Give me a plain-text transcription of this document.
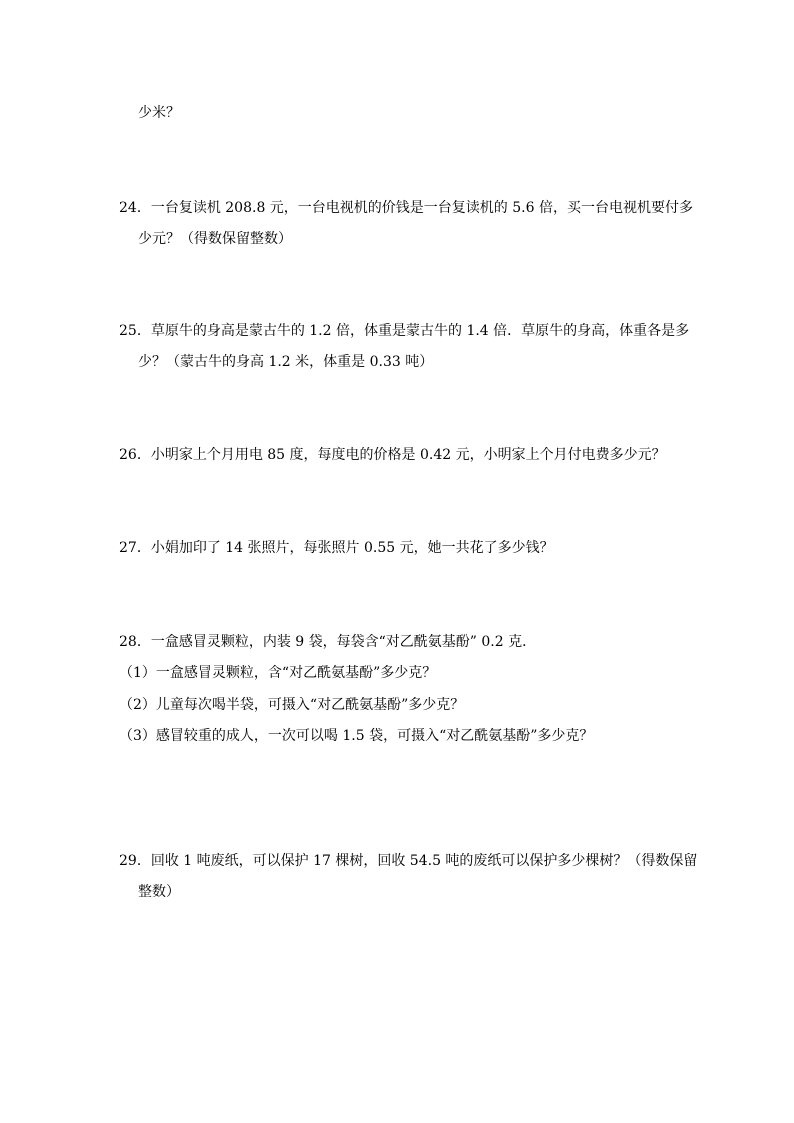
少米？
24．一台复读机 208.8 元，一台电视机的价钱是一台复读机的 5.6 倍，买一台电视机要付多
少元？（得数保留整数）
25．草原牛的身高是蒙古牛的 1.2 倍，体重是蒙古牛的 1.4 倍．草原牛的身高，体重各是多
少？（蒙古牛的身高 1.2 米，体重是 0.33 吨）
26．小明家上个月用电 85 度，每度电的价格是 0.42 元，小明家上个月付电费多少元？
27．小娟加印了 14 张照片，每张照片 0.55 元，她一共花了多少钱？
28．一盒感冒灵颗粒，内装 9 袋，每袋含“对乙酰氨基酚” 0.2 克．
（1）一盒感冒灵颗粒，含“对乙酰氨基酚”多少克？
（2）儿童每次喝半袋，可摄入“对乙酰氨基酚”多少克？
（3）感冒较重的成人，一次可以喝 1.5 袋，可摄入“对乙酰氨基酚”多少克？
29．回收 1 吨废纸，可以保护 17 棵树，回收 54.5 吨的废纸可以保护多少棵树？（得数保留
整数）
